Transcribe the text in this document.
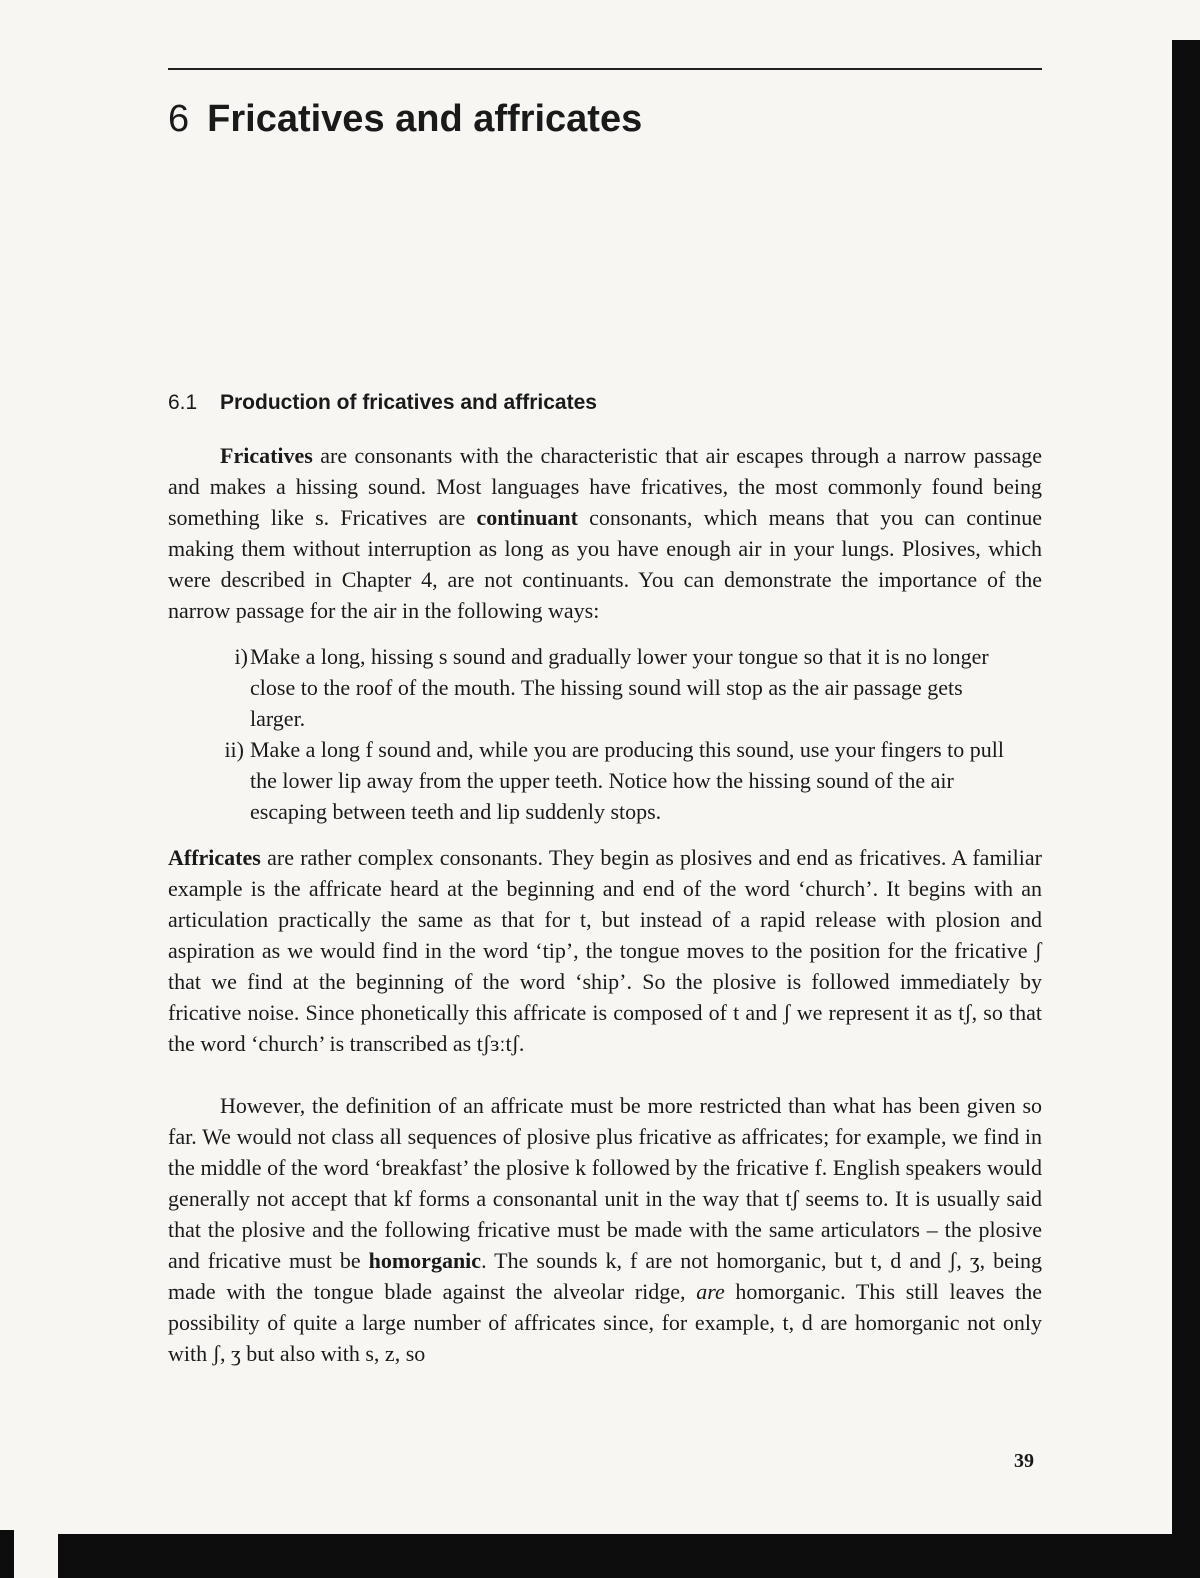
6 Fricatives and affricates
6.1 Production of fricatives and affricates

Fricatives are consonants with the characteristic that air escapes through a narrow passage and makes a hissing sound. Most languages have fricatives, the most commonly found being something like s. Fricatives are continuant consonants, which means that you can continue making them without interruption as long as you have enough air in your lungs. Plosives, which were described in Chapter 4, are not continuants. You can demonstrate the importance of the narrow passage for the air in the following ways:

i) Make a long, hissing s sound and gradually lower your tongue so that it is no longer close to the roof of the mouth. The hissing sound will stop as the air passage gets larger.
ii) Make a long f sound and, while you are producing this sound, use your fingers to pull the lower lip away from the upper teeth. Notice how the hissing sound of the air escaping between teeth and lip suddenly stops.

Affricates are rather complex consonants. They begin as plosives and end as fricatives. A familiar example is the affricate heard at the beginning and end of the word ‘church’. It begins with an articulation practically the same as that for t, but instead of a rapid release with plosion and aspiration as we would find in the word ‘tip’, the tongue moves to the position for the fricative ʃ that we find at the beginning of the word ‘ship’. So the plosive is followed immediately by fricative noise. Since phonetically this affricate is composed of t and ʃ we represent it as tʃ, so that the word ‘church’ is transcribed as tʃɜːtʃ.

However, the definition of an affricate must be more restricted than what has been given so far. We would not class all sequences of plosive plus fricative as affricates; for example, we find in the middle of the word ‘breakfast’ the plosive k followed by the fricative f. English speakers would generally not accept that kf forms a consonantal unit in the way that tʃ seems to. It is usually said that the plosive and the following fricative must be made with the same articulators – the plosive and fricative must be homorganic. The sounds k, f are not homorganic, but t, d and ʃ, ʒ, being made with the tongue blade against the alveolar ridge, are homorganic. This still leaves the possibility of quite a large number of affricates since, for example, t, d are homorganic not only with ʃ, ʒ but also with s, z, so

39
